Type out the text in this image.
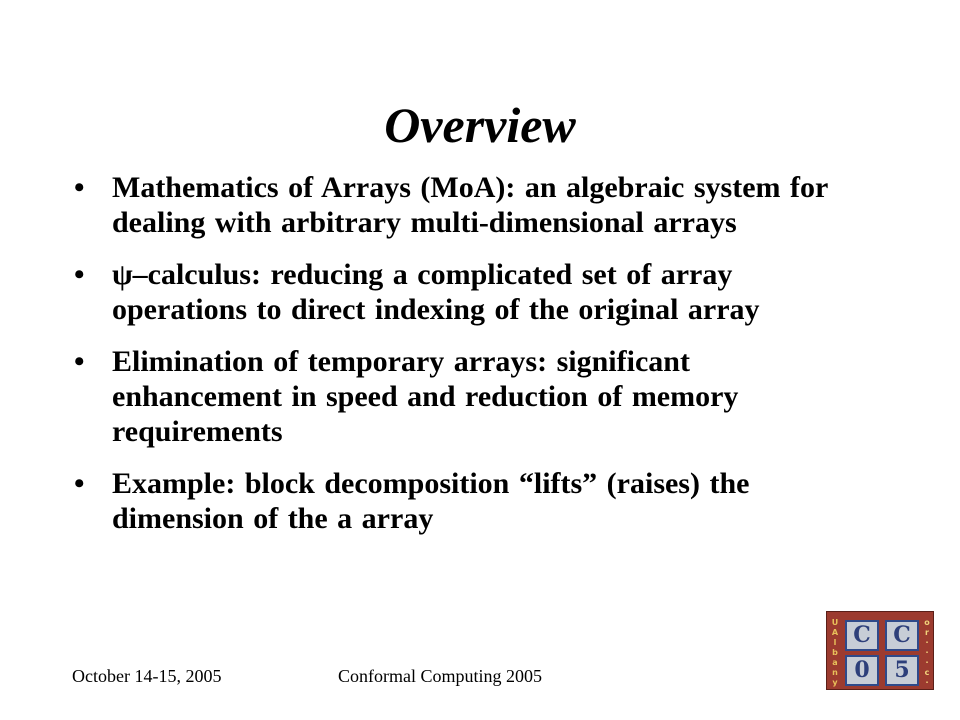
Overview
• Mathematics of Arrays (MoA): an algebraic system for dealing with arbitrary multi-dimensional arrays
• ψ–calculus: reducing a complicated set of array operations to direct indexing of the original array
• Elimination of temporary arrays: significant enhancement in speed and reduction of memory requirements
• Example: block decomposition “lifts” (raises) the dimension of the a array
October 14-15, 2005	Conformal Computing 2005
U
A
l
b
a
n
y
C	C
0	5
o
r
·
·
·
c
·
